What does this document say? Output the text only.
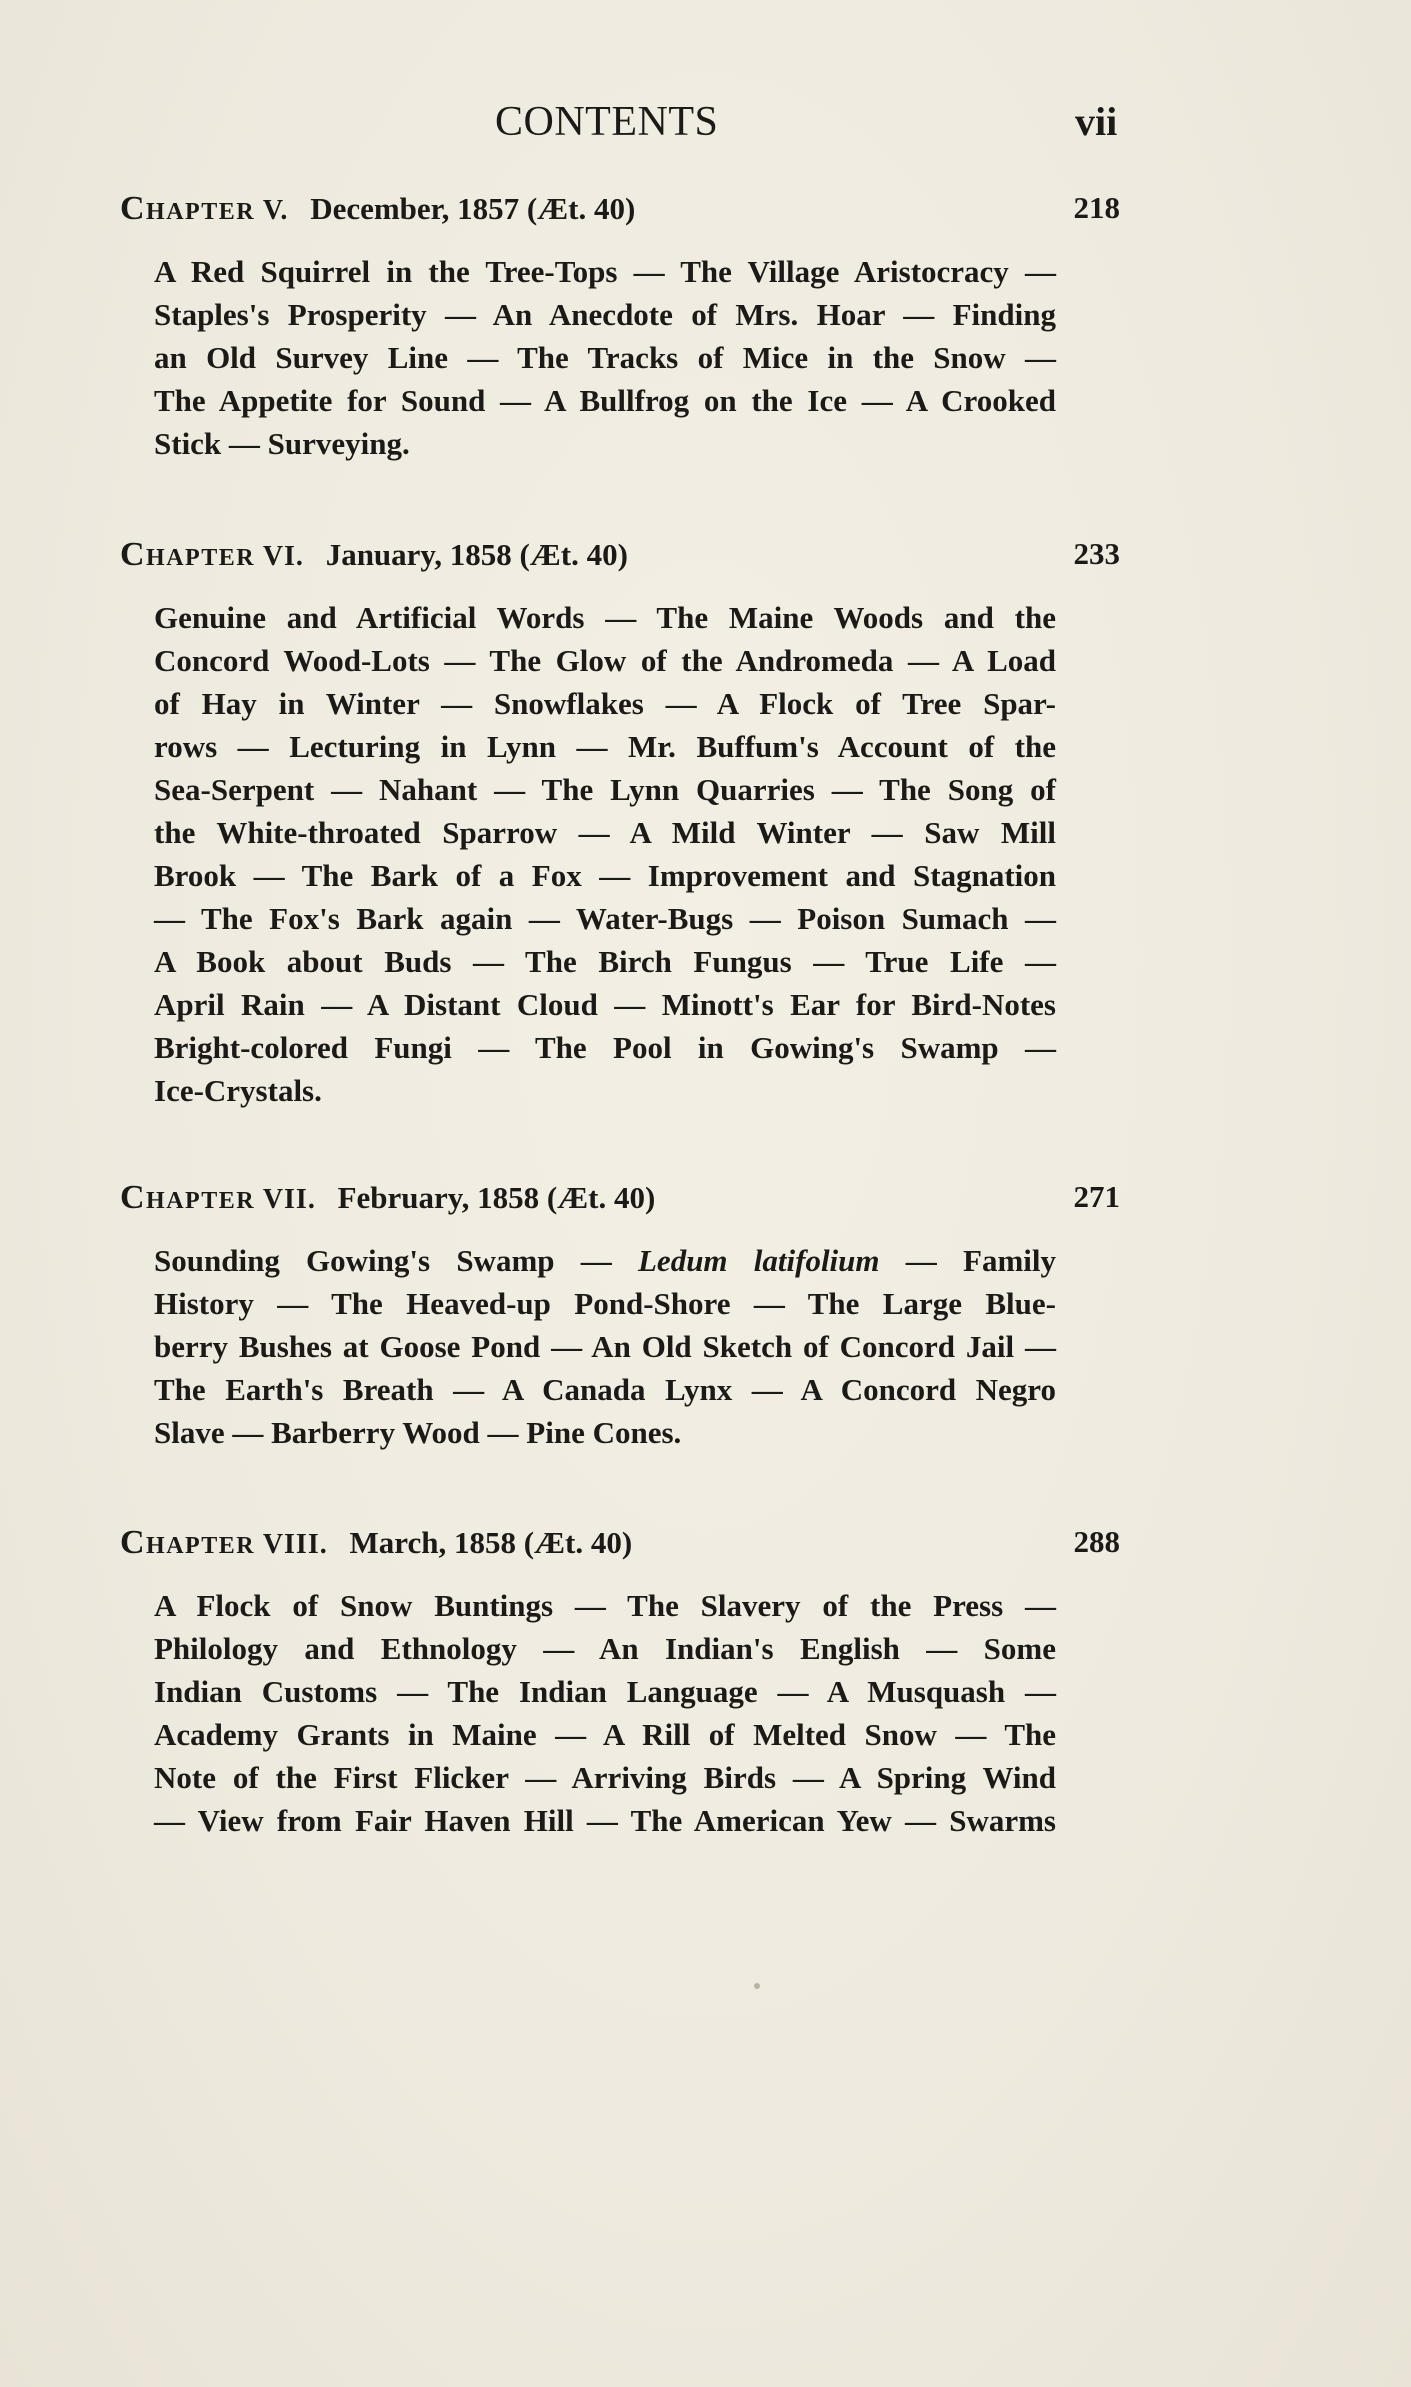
CONTENTS	vii
Chapter V. December, 1857 (Æt. 40)	218
A Red Squirrel in the Tree-Tops — The Village Aristocracy —
Staples's Prosperity — An Anecdote of Mrs. Hoar — Finding
an Old Survey Line — The Tracks of Mice in the Snow —
The Appetite for Sound — A Bullfrog on the Ice — A Crooked
Stick — Surveying.
Chapter VI. January, 1858 (Æt. 40)	233
Genuine and Artificial Words — The Maine Woods and the
Concord Wood-Lots — The Glow of the Andromeda — A Load
of Hay in Winter — Snowflakes — A Flock of Tree Spar-
rows — Lecturing in Lynn — Mr. Buffum's Account of the
Sea-Serpent — Nahant — The Lynn Quarries — The Song of
the White-throated Sparrow — A Mild Winter — Saw Mill
Brook — The Bark of a Fox — Improvement and Stagnation
— The Fox's Bark again — Water-Bugs — Poison Sumach —
A Book about Buds — The Birch Fungus — True Life —
April Rain — A Distant Cloud — Minott's Ear for Bird-Notes
Bright-colored Fungi — The Pool in Gowing's Swamp —
Ice-Crystals.
Chapter VII. February, 1858 (Æt. 40)	271
Sounding Gowing's Swamp — Ledum latifolium — Family
History — The Heaved-up Pond-Shore — The Large Blue-
berry Bushes at Goose Pond — An Old Sketch of Concord Jail —
The Earth's Breath — A Canada Lynx — A Concord Negro
Slave — Barberry Wood — Pine Cones.
Chapter VIII. March, 1858 (Æt. 40)	288
A Flock of Snow Buntings — The Slavery of the Press —
Philology and Ethnology — An Indian's English — Some
Indian Customs — The Indian Language — A Musquash —
Academy Grants in Maine — A Rill of Melted Snow — The
Note of the First Flicker — Arriving Birds — A Spring Wind
— View from Fair Haven Hill — The American Yew — Swarms
